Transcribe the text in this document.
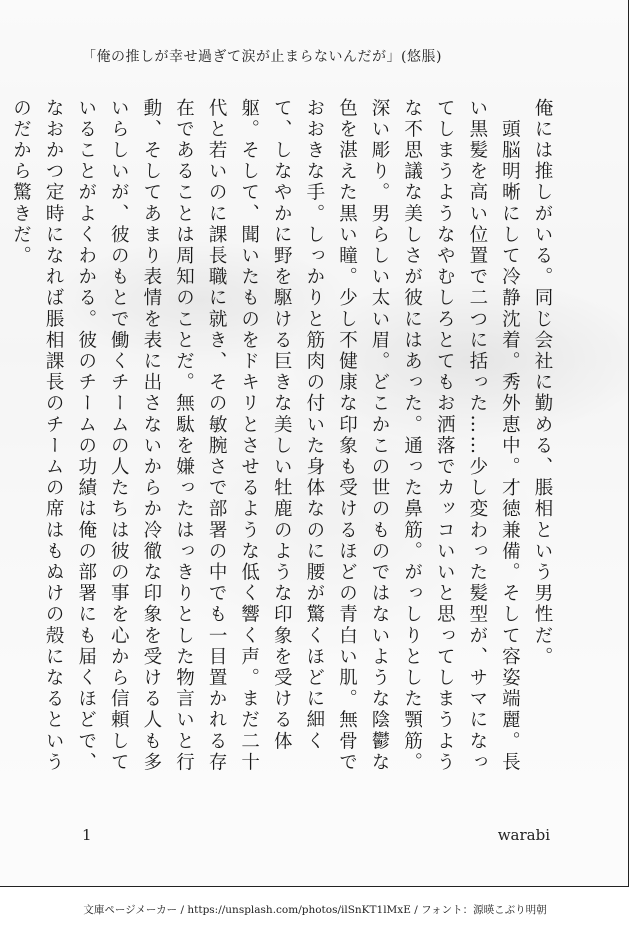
「俺の推しが幸せ過ぎて涙が止まらないんだが」(悠脹)
俺には推しがいる。同じ会社に勤める、脹相という男性だ。
　頭脳明晰にして冷静沈着。秀外恵中。才徳兼備。そして容姿端麗。長い黒髪を高い位置で二つに括った……少し変わった髪型が、サマになってしまうようなやむしろとてもお洒落でカッコいいと思ってしまうような不思議な美しさが彼にはあった。通った鼻筋。がっしりとした顎筋。深い彫り。男らしい太い眉。どこかこの世のものではないような陰鬱な色を湛えた黒い瞳。少し不健康な印象も受けるほどの青白い肌。無骨でおおきな手。しっかりと筋肉の付いた身体なのに腰が驚くほどに細くて、しなやかに野を駆ける巨きな美しい牡鹿のような印象を受ける体躯。そして、聞いたものをドキリとさせるような低く響く声。まだ二十代と若いのに課長職に就き、その敏腕さで部署の中でも一目置かれる存在であることは周知のことだ。無駄を嫌ったはっきりとした物言いと行動、そしてあまり表情を表に出さないからか冷徹な印象を受ける人も多いらしいが、彼のもとで働くチームの人たちは彼の事を心から信頼していることがよくわかる。彼のチームの功績は俺の部署にも届くほどで、なおかつ定時になれば脹相課長のチームの席はもぬけの殻になるというのだから驚きだ。
1	warabi
文庫ページメーカー / https://unsplash.com/photos/ilSnKT1lMxE / フォント：源暎こぶり明朝
